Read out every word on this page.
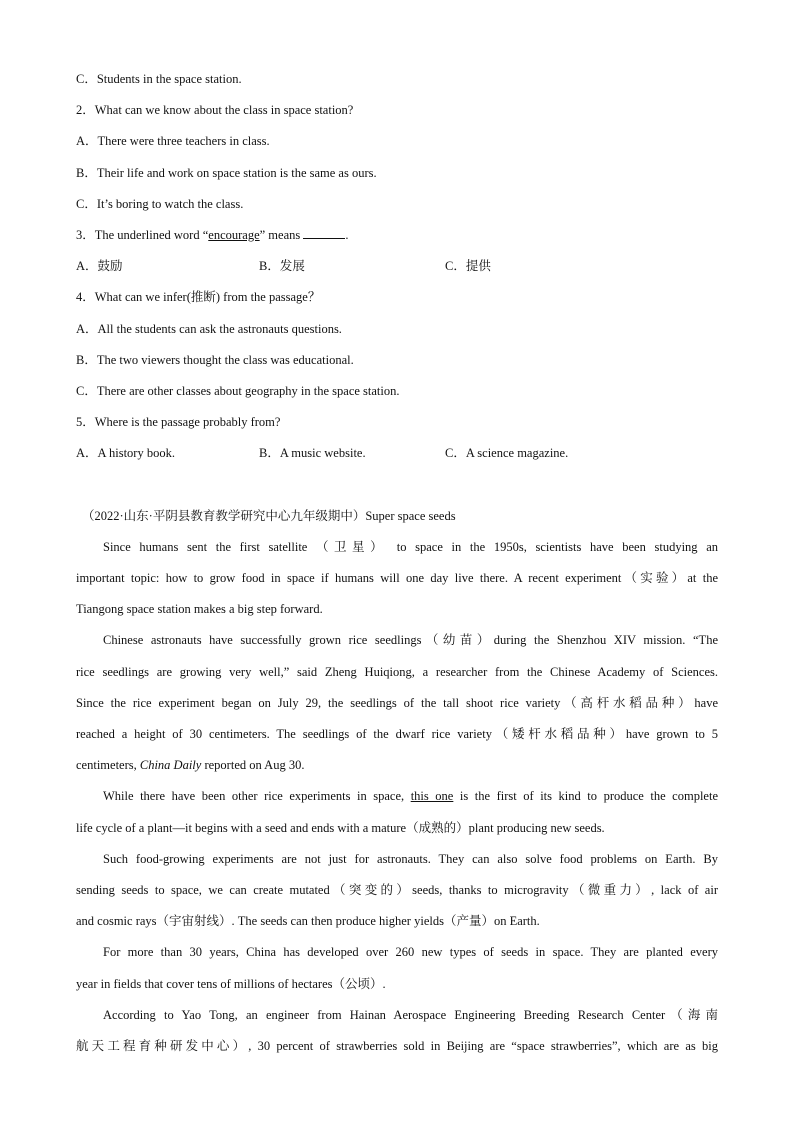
C．Students in the space station.

2．What can we know about the class in space station?

A．There were three teachers in class.

B．Their life and work on space station is the same as ours.

C．It’s boring to watch the class.

3．The underlined word “encourage” means	.

A．鼓励	B．发展	C．提供

4．What can we infer(推断) from the passage？

A．All the students can ask the astronauts questions.

B．The two viewers thought the class was educational.

C．There are other classes about geography in the space station.

5．Where is the passage probably from?

A．A history book.	B．A music website.	C．A science magazine.

（2022·山东·平阴县教育教学研究中心九年级期中）Super space seeds

Since humans sent the first satellite （卫星） to space in the 1950s, scientists have been studying an

important topic: how to grow food in space if humans will one day live there. A recent experiment（实验）at the

Tiangong space station makes a big step forward.

Chinese astronauts have successfully grown rice seedlings（幼苗）during the Shenzhou XIV mission. “The

rice seedlings are growing very well,” said Zheng Huiqiong, a researcher from the Chinese Academy of Sciences.

Since the rice experiment began on July 29, the seedlings of the tall shoot rice variety（高杆水稻品种）have

reached a height of 30 centimeters. The seedlings of the dwarf rice variety（矮杆水稻品种）have grown to 5

centimeters, China Daily reported on Aug 30.

While there have been other rice experiments in space, this one is the first of its kind to produce the complete

life cycle of a plant—it begins with a seed and ends with a mature（成熟的）plant producing new seeds.

Such food-growing experiments are not just for astronauts. They can also solve food problems on Earth. By

sending seeds to space, we can create mutated（突变的）seeds, thanks to microgravity（微重力）, lack of air

and cosmic rays（宇宙射线）. The seeds can then produce higher yields（产量）on Earth.

For more than 30 years, China has developed over 260 new types of seeds in space. They are planted every

year in fields that cover tens of millions of hectares（公顷）.

According to Yao Tong, an engineer from Hainan Aerospace Engineering Breeding Research Center（海南

航天工程育种研发中心）, 30 percent of strawberries sold in Beijing are “space strawberries”, which are as big
